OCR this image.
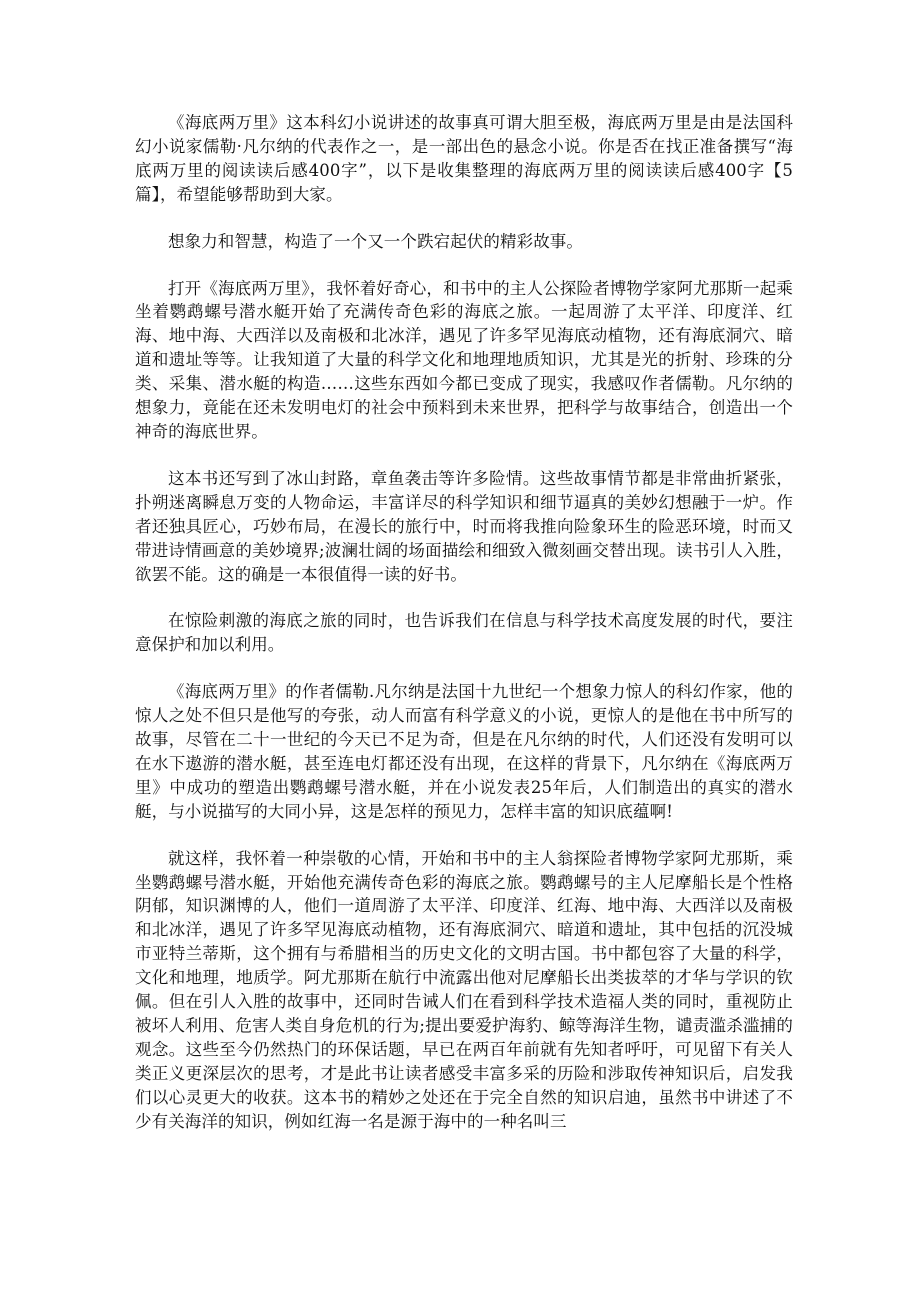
《海底两万里》这本科幻小说讲述的故事真可谓大胆至极，海底两万里是由是法国科幻小说家儒勒·凡尔纳的代表作之一，是一部出色的悬念小说。你是否在找正准备撰写“海底两万里的阅读读后感400字”，以下是收集整理的海底两万里的阅读读后感400字【5篇】，希望能够帮助到大家。

想象力和智慧，构造了一个又一个跌宕起伏的精彩故事。

打开《海底两万里》，我怀着好奇心，和书中的主人公探险者博物学家阿尤那斯一起乘坐着鹦鹉螺号潜水艇开始了充满传奇色彩的海底之旅。一起周游了太平洋、印度洋、红海、地中海、大西洋以及南极和北冰洋，遇见了许多罕见海底动植物，还有海底洞穴、暗道和遗址等等。让我知道了大量的科学文化和地理地质知识，尤其是光的折射、珍珠的分类、采集、潜水艇的构造……这些东西如今都已变成了现实，我感叹作者儒勒。凡尔纳的想象力，竟能在还未发明电灯的社会中预料到未来世界，把科学与故事结合，创造出一个神奇的海底世界。

这本书还写到了冰山封路，章鱼袭击等许多险情。这些故事情节都是非常曲折紧张，扑朔迷离瞬息万变的人物命运，丰富详尽的科学知识和细节逼真的美妙幻想融于一炉。作者还独具匠心，巧妙布局，在漫长的旅行中，时而将我推向险象环生的险恶环境，时而又带进诗情画意的美妙境界;波澜壮阔的场面描绘和细致入微刻画交替出现。读书引人入胜，欲罢不能。这的确是一本很值得一读的好书。

在惊险刺激的海底之旅的同时，也告诉我们在信息与科学技术高度发展的时代，要注意保护和加以利用。

《海底两万里》的作者儒勒.凡尔纳是法国十九世纪一个想象力惊人的科幻作家，他的惊人之处不但只是他写的夸张，动人而富有科学意义的小说，更惊人的是他在书中所写的故事，尽管在二十一世纪的今天已不足为奇，但是在凡尔纳的时代，人们还没有发明可以在水下遨游的潜水艇，甚至连电灯都还没有出现，在这样的背景下，凡尔纳在《海底两万里》中成功的塑造出鹦鹉螺号潜水艇，并在小说发表25年后，人们制造出的真实的潜水艇，与小说描写的大同小异，这是怎样的预见力，怎样丰富的知识底蕴啊!

就这样，我怀着一种崇敬的心情，开始和书中的主人翁探险者博物学家阿尤那斯，乘坐鹦鹉螺号潜水艇，开始他充满传奇色彩的海底之旅。鹦鹉螺号的主人尼摩船长是个性格阴郁，知识渊博的人，他们一道周游了太平洋、印度洋、红海、地中海、大西洋以及南极和北冰洋，遇见了许多罕见海底动植物，还有海底洞穴、暗道和遗址，其中包括的沉没城市亚特兰蒂斯，这个拥有与希腊相当的历史文化的文明古国。书中都包容了大量的科学，文化和地理，地质学。阿尤那斯在航行中流露出他对尼摩船长出类拔萃的才华与学识的钦佩。但在引人入胜的故事中，还同时告诫人们在看到科学技术造福人类的同时，重视防止被坏人利用、危害人类自身危机的行为;提出要爱护海豹、鲸等海洋生物，谴责滥杀滥捕的观念。这些至今仍然热门的环保话题，早已在两百年前就有先知者呼吁，可见留下有关人类正义更深层次的思考，才是此书让读者感受丰富多采的历险和涉取传神知识后，启发我们以心灵更大的收获。这本书的精妙之处还在于完全自然的知识启迪，虽然书中讲述了不少有关海洋的知识，例如红海一名是源于海中的一种名叫三
